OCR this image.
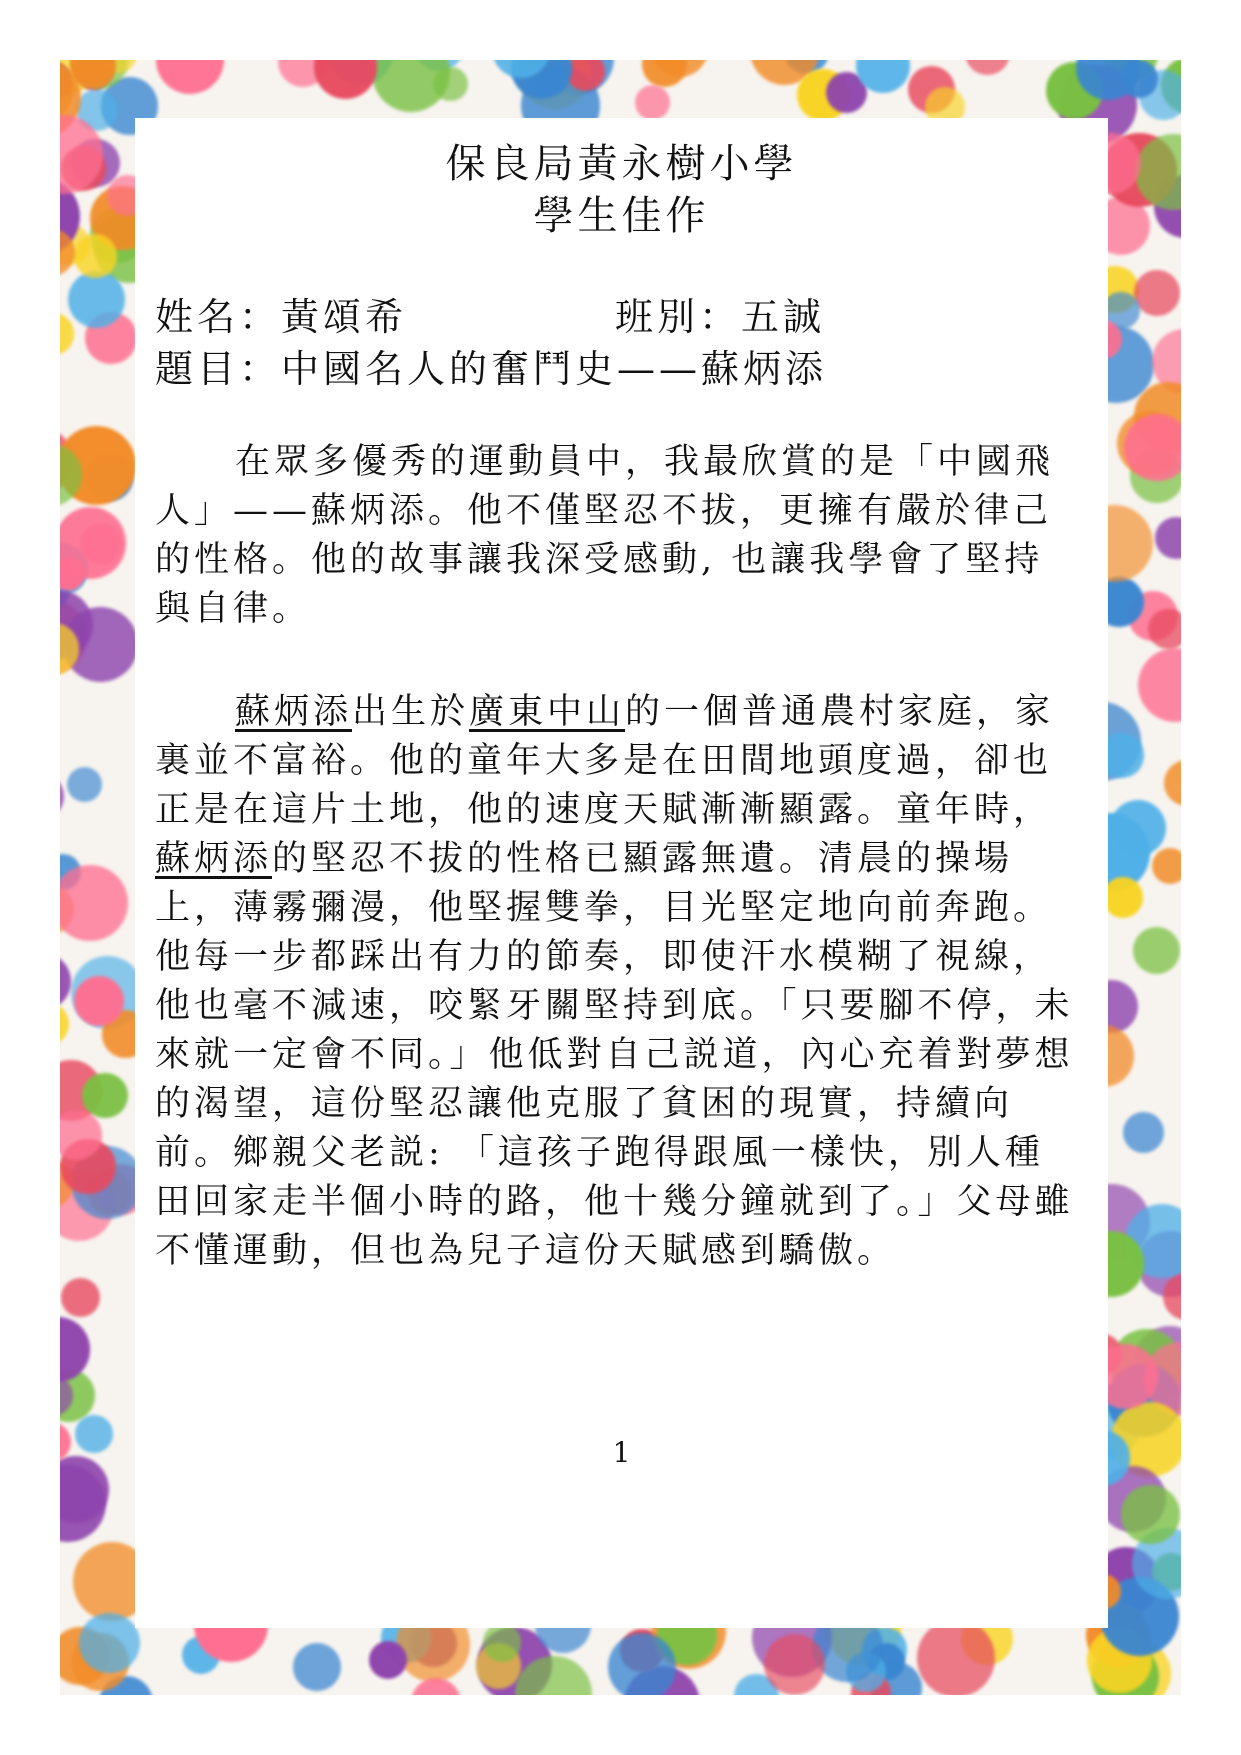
保良局黃永樹小學
學生佳作
姓名：黃頌希	班別：五誠
題目：中國名人的奮鬥史——蘇炳添

在眾多優秀的運動員中，我最欣賞的是「中國飛人」——蘇炳添。他不僅堅忍不拔，更擁有嚴於律己的性格。他的故事讓我深受感動, 也讓我學會了堅持與自律。

蘇炳添出生於廣東中山的一個普通農村家庭，家裏並不富裕。他的童年大多是在田間地頭度過，卻也正是在這片土地，他的速度天賦漸漸顯露。童年時，蘇炳添的堅忍不拔的性格已顯露無遺。清晨的操場上，薄霧彌漫，他堅握雙拳，目光堅定地向前奔跑。他每一步都踩出有力的節奏，即使汗水模糊了視線，他也毫不減速，咬緊牙關堅持到底。「只要腳不停，未來就一定會不同。」他低對自己説道，內心充着對夢想的渴望，這份堅忍讓他克服了貧困的現實，持續向前。鄉親父老説: 「這孩子跑得跟風一樣快，別人種田回家走半個小時的路，他十幾分鐘就到了。」父母雖不懂運動，但也為兒子這份天賦感到驕傲。

1
